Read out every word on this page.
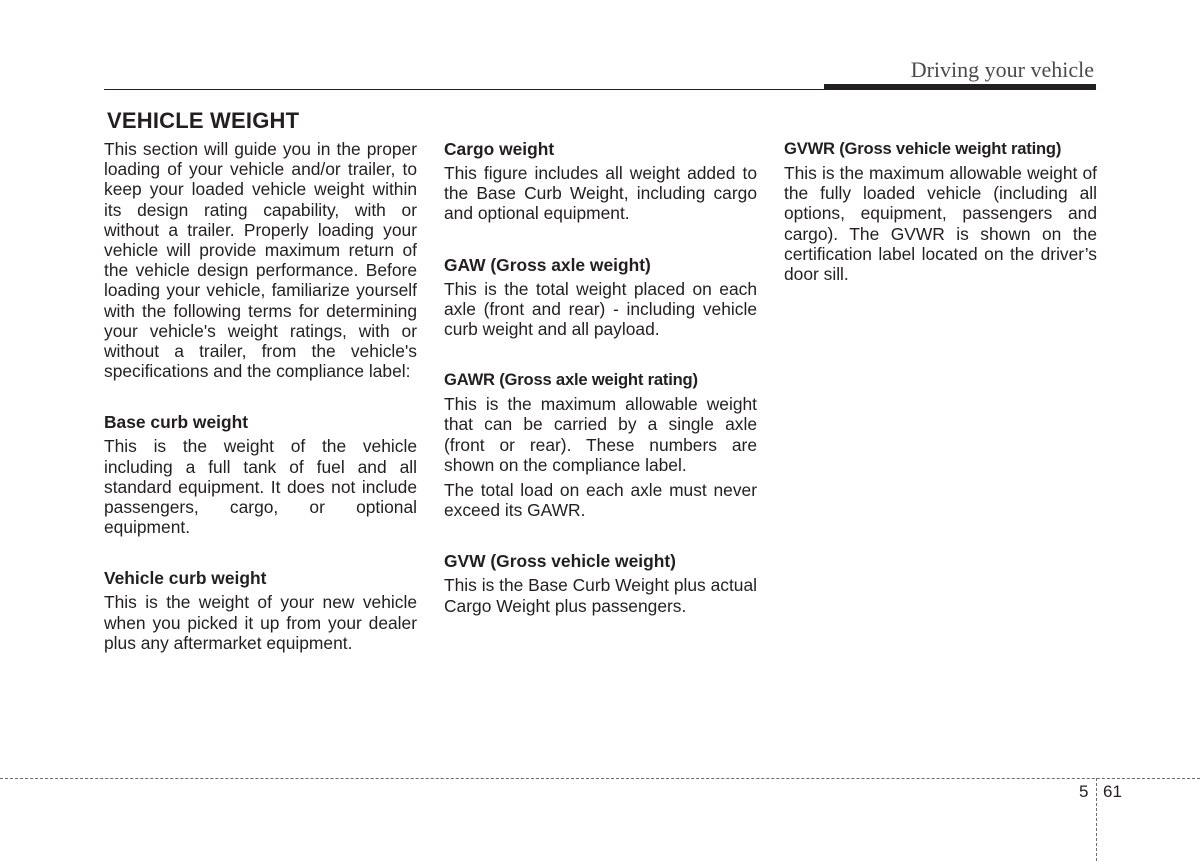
Driving your vehicle
VEHICLE WEIGHT

This section will guide you in the proper loading of your vehicle and/or trailer, to keep your loaded vehicle weight within its design rating capability, with or without a trailer. Properly loading your vehicle will provide maximum return of the vehicle design performance. Before loading your vehicle, familiarize yourself with the following terms for determining your vehicle's weight ratings, with or without a trailer, from the vehicle's specifications and the compliance label:

Base curb weight

This is the weight of the vehicle including a full tank of fuel and all standard equipment. It does not include passengers, cargo, or optional equipment.

Vehicle curb weight

This is the weight of your new vehicle when you picked it up from your dealer plus any aftermarket equipment.

Cargo weight

This figure includes all weight added to the Base Curb Weight, including cargo and optional equipment.

GAW (Gross axle weight)

This is the total weight placed on each axle (front and rear) - including vehicle curb weight and all payload.

GAWR (Gross axle weight rating)

This is the maximum allowable weight that can be carried by a single axle (front or rear). These numbers are shown on the compliance label.

The total load on each axle must never exceed its GAWR.

GVW (Gross vehicle weight)

This is the Base Curb Weight plus actual Cargo Weight plus passengers.

GVWR (Gross vehicle weight rating)

This is the maximum allowable weight of the fully loaded vehicle (including all options, equipment, passengers and cargo). The GVWR is shown on the certification label located on the driver’s door sill.

5 61
